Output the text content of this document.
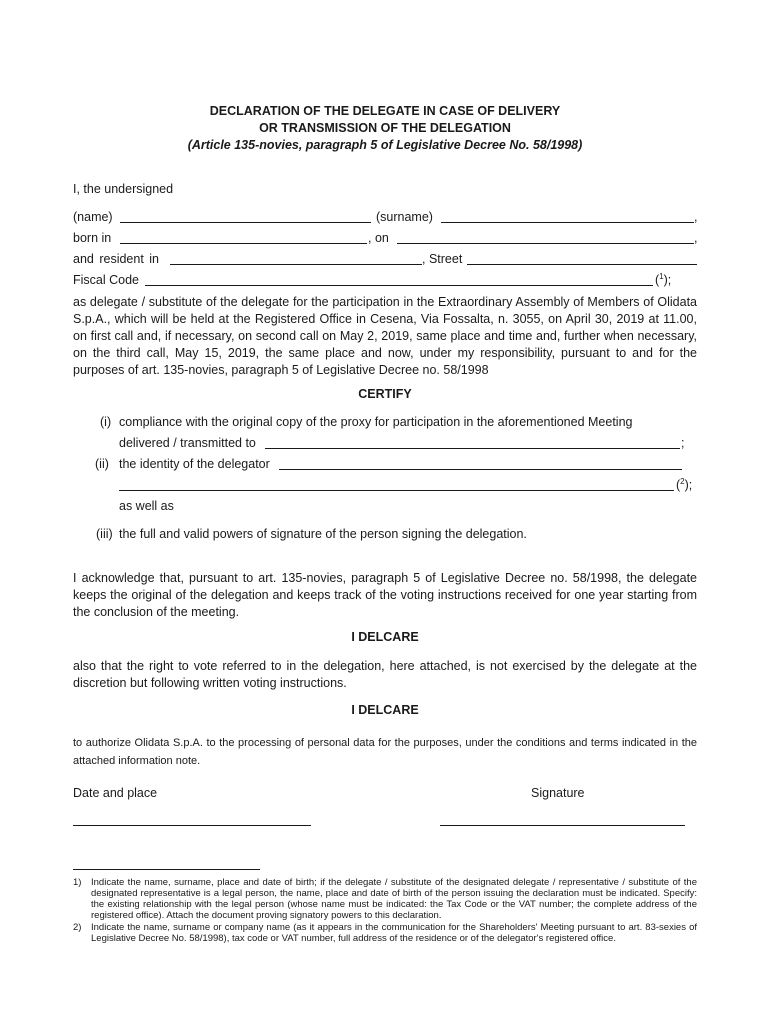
DECLARATION OF THE DELEGATE IN CASE OF DELIVERY
OR TRANSMISSION OF THE DELEGATION
(Article 135-novies, paragraph 5 of Legislative Decree No. 58/1998)
I, the undersigned
(name)	(surname)	,
born in	, on	,
and resident in	, Street
Fiscal Code	($^1$);
as delegate / substitute of the delegate for the participation in the Extraordinary Assembly of Members of Olidata S.p.A., which will be held at the Registered Office in Cesena, Via Fossalta, n. 3055, on April 30, 2019 at 11.00, on first call and, if necessary, on second call on May 2, 2019, same place and time and, further when necessary, on the third call, May 15, 2019, the same place and now, under my responsibility, pursuant to and for the purposes of art. 135-novies, paragraph 5 of Legislative Decree no. 58/1998
CERTIFY
(i) compliance with the original copy of the proxy for participation in the aforementioned Meeting
delivered / transmitted to	;
(ii) the identity of the delegator
($^2$);
as well as
(iii) the full and valid powers of signature of the person signing the delegation.
I acknowledge that, pursuant to art. 135-novies, paragraph 5 of Legislative Decree no. 58/1998, the delegate keeps the original of the delegation and keeps track of the voting instructions received for one year starting from the conclusion of the meeting.
I DELCARE
also that the right to vote referred to in the delegation, here attached, is not exercised by the delegate at the discretion but following written voting instructions.
I DELCARE
to authorize Olidata S.p.A. to the processing of personal data for the purposes, under the conditions and terms indicated in the attached information note.
Date and place	Signature
1) Indicate the name, surname, place and date of birth; if the delegate / substitute of the designated delegate / representative / substitute of the designated representative is a legal person, the name, place and date of birth of the person issuing the declaration must be indicated. Specify: the existing relationship with the legal person (whose name must be indicated: the Tax Code or the VAT number; the complete address of the registered office). Attach the document proving signatory powers to this declaration.
2) Indicate the name, surname or company name (as it appears in the communication for the Shareholders' Meeting pursuant to art. 83-sexies of Legislative Decree No. 58/1998), tax code or VAT number, full address of the residence or of the delegator's registered office.
